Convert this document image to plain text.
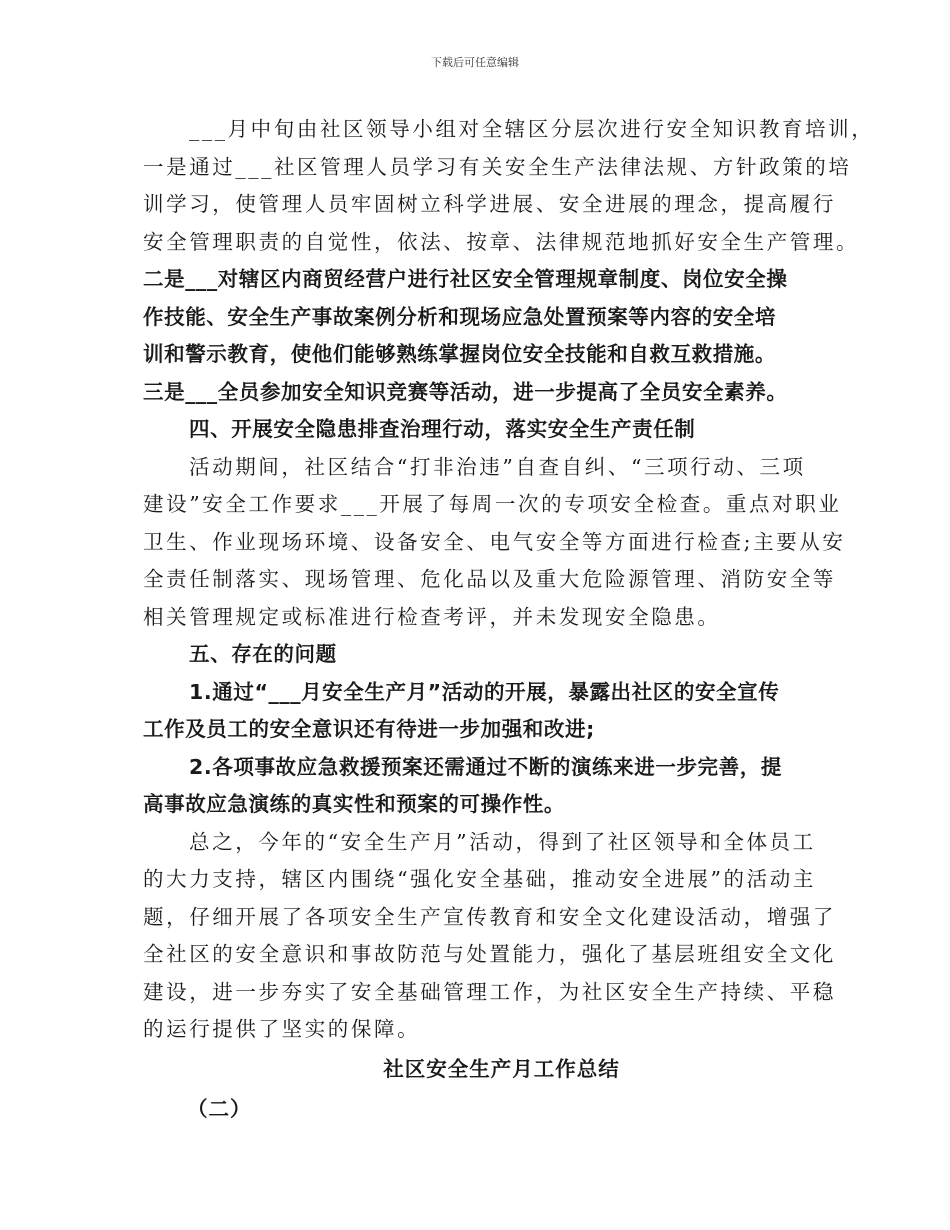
下载后可任意编辑
___月中旬由社区领导小组对全辖区分层次进行安全知识教育培训，
一是通过___社区管理人员学习有关安全生产法律法规、方针政策的培
训学习，使管理人员牢固树立科学进展、安全进展的理念，提高履行
安全管理职责的自觉性，依法、按章、法律规范地抓好安全生产管理。
二是___对辖区内商贸经营户进行社区安全管理规章制度、岗位安全操
作技能、安全生产事故案例分析和现场应急处置预案等内容的安全培
训和警示教育，使他们能够熟练掌握岗位安全技能和自救互救措施。
三是___全员参加安全知识竞赛等活动，进一步提高了全员安全素养。
四、开展安全隐患排查治理行动，落实安全生产责任制
活动期间，社区结合“打非治违”自查自纠、“三项行动、三项
建设”安全工作要求___开展了每周一次的专项安全检查。重点对职业
卫生、作业现场环境、设备安全、电气安全等方面进行检查;主要从安
全责任制落实、现场管理、危化品以及重大危险源管理、消防安全等
相关管理规定或标准进行检查考评，并未发现安全隐患。
五、存在的问题
1.通过“___月安全生产月”活动的开展，暴露出社区的安全宣传
工作及员工的安全意识还有待进一步加强和改进;
2.各项事故应急救援预案还需通过不断的演练来进一步完善，提
高事故应急演练的真实性和预案的可操作性。
总之，今年的“安全生产月”活动，得到了社区领导和全体员工
的大力支持，辖区内围绕“强化安全基础，推动安全进展”的活动主
题，仔细开展了各项安全生产宣传教育和安全文化建设活动，增强了
全社区的安全意识和事故防范与处置能力，强化了基层班组安全文化
建设，进一步夯实了安全基础管理工作，为社区安全生产持续、平稳
的运行提供了坚实的保障。
社区安全生产月工作总结
（二）
